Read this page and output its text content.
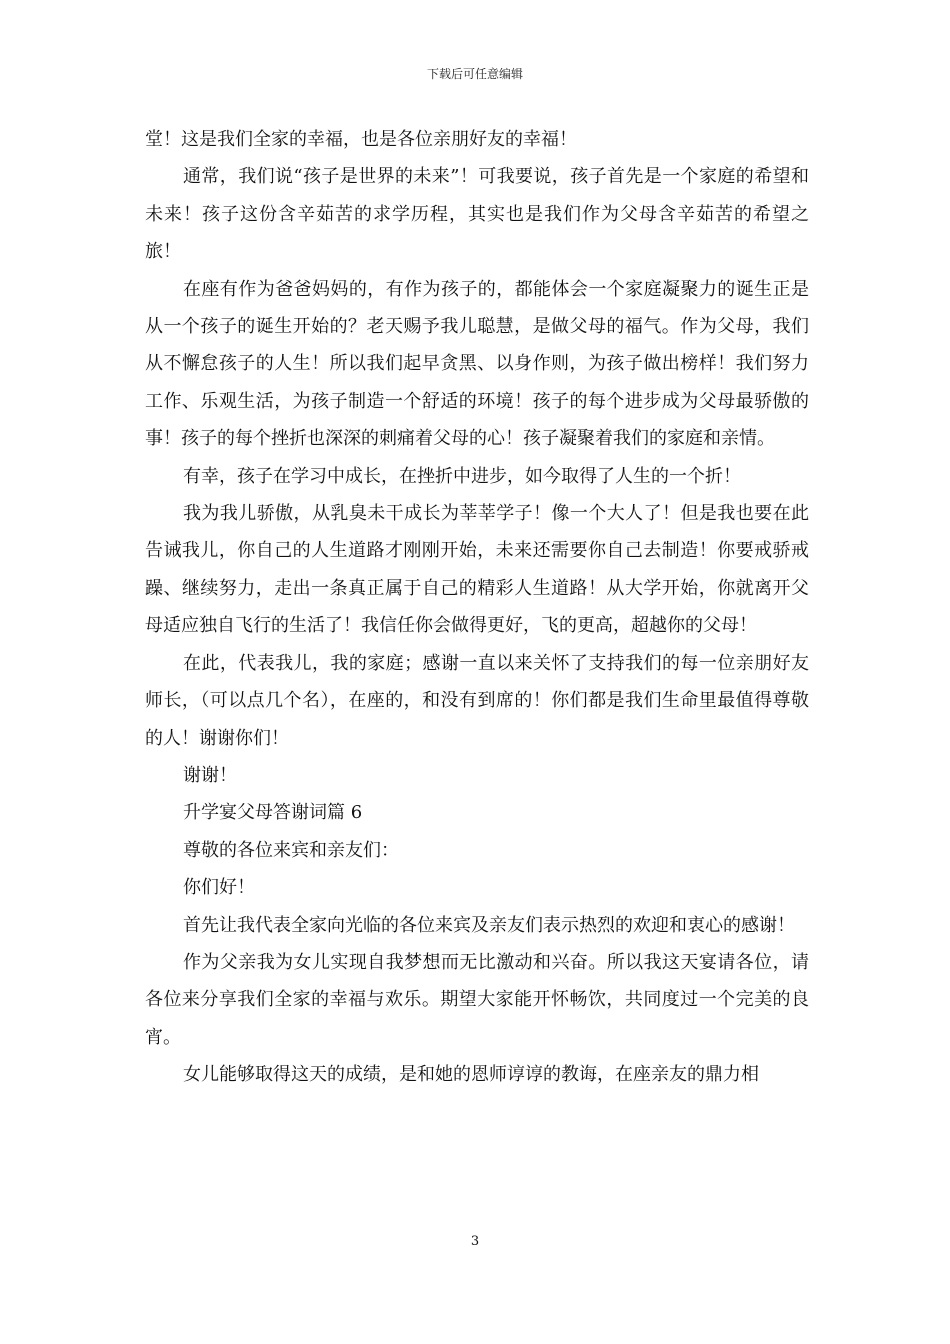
下载后可任意编辑

堂！这是我们全家的幸福，也是各位亲朋好友的幸福！

通常，我们说“孩子是世界的未来”！可我要说，孩子首先是一个家庭的希望和未来！孩子这份含辛茹苦的求学历程，其实也是我们作为父母含辛茹苦的希望之旅！

在座有作为爸爸妈妈的，有作为孩子的，都能体会一个家庭凝聚力的诞生正是从一个孩子的诞生开始的？老天赐予我儿聪慧，是做父母的福气。作为父母，我们从不懈怠孩子的人生！所以我们起早贪黑、以身作则，为孩子做出榜样！我们努力工作、乐观生活，为孩子制造一个舒适的环境！孩子的每个进步成为父母最骄傲的事！孩子的每个挫折也深深的刺痛着父母的心！孩子凝聚着我们的家庭和亲情。

有幸，孩子在学习中成长，在挫折中进步，如今取得了人生的一个折！

我为我儿骄傲，从乳臭未干成长为莘莘学子！像一个大人了！但是我也要在此告诫我儿，你自己的人生道路才刚刚开始，未来还需要你自己去制造！你要戒骄戒躁、继续努力，走出一条真正属于自己的精彩人生道路！从大学开始，你就离开父母适应独自飞行的生活了！我信任你会做得更好，飞的更高，超越你的父母！

在此，代表我儿，我的家庭；感谢一直以来关怀了支持我们的每一位亲朋好友师长，（可以点几个名），在座的，和没有到席的！你们都是我们生命里最值得尊敬的人！谢谢你们！

谢谢！

升学宴父母答谢词篇 6

尊敬的各位来宾和亲友们：

你们好！

首先让我代表全家向光临的各位来宾及亲友们表示热烈的欢迎和衷心的感谢！

作为父亲我为女儿实现自我梦想而无比激动和兴奋。所以我这天宴请各位，请各位来分享我们全家的幸福与欢乐。期望大家能开怀畅饮，共同度过一个完美的良宵。

女儿能够取得这天的成绩，是和她的恩师谆谆的教诲，在座亲友的鼎力相

3
